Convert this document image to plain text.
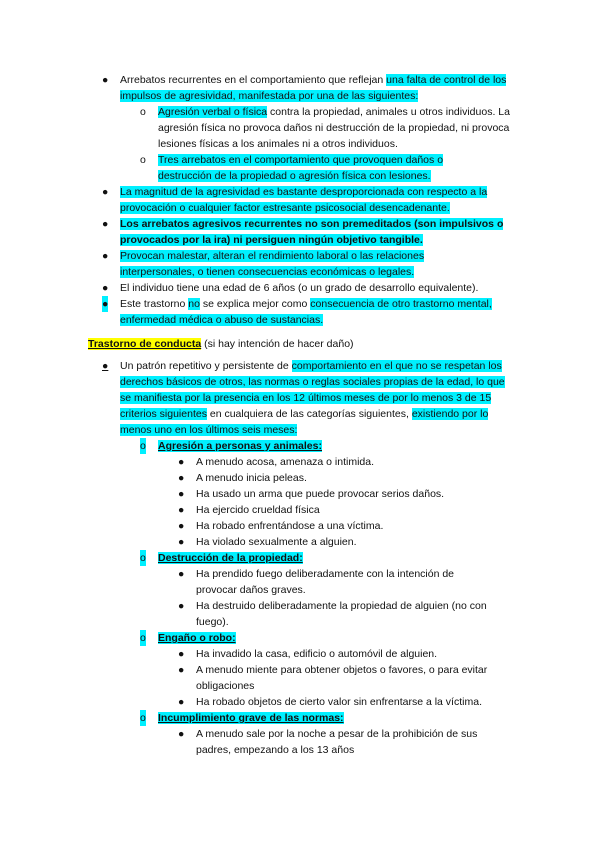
● Arrebatos recurrentes en el comportamiento que reflejan una falta de control de los impulsos de agresividad, manifestada por una de las siguientes:
o Agresión verbal o física contra la propiedad, animales u otros individuos. La agresión física no provoca daños ni destrucción de la propiedad, ni provoca lesiones físicas a los animales ni a otros individuos.
o Tres arrebatos en el comportamiento que provoquen daños o destrucción de la propiedad o agresión física con lesiones.
● La magnitud de la agresividad es bastante desproporcionada con respecto a la provocación o cualquier factor estresante psicosocial desencadenante.
● Los arrebatos agresivos recurrentes no son premeditados (son impulsivos o provocados por la ira) ni persiguen ningún objetivo tangible.
● Provocan malestar, alteran el rendimiento laboral o las relaciones interpersonales, o tienen consecuencias económicas o legales.
● El individuo tiene una edad de 6 años (o un grado de desarrollo equivalente).
● Este trastorno no se explica mejor como consecuencia de otro trastorno mental, enfermedad médica o abuso de sustancias.
Trastorno de conducta (si hay intención de hacer daño)
● Un patrón repetitivo y persistente de comportamiento en el que no se respetan los derechos básicos de otros, las normas o reglas sociales propias de la edad, lo que se manifiesta por la presencia en los 12 últimos meses de por lo menos 3 de 15 criterios siguientes en cualquiera de las categorías siguientes, existiendo por lo menos uno en los últimos seis meses:
o Agresión a personas y animales:
● A menudo acosa, amenaza o intimida.
● A menudo inicia peleas.
● Ha usado un arma que puede provocar serios daños.
● Ha ejercido crueldad física
● Ha robado enfrentándose a una víctima.
● Ha violado sexualmente a alguien.
o Destrucción de la propiedad:
● Ha prendido fuego deliberadamente con la intención de provocar daños graves.
● Ha destruido deliberadamente la propiedad de alguien (no con fuego).
o Engaño o robo:
● Ha invadido la casa, edificio o automóvil de alguien.
● A menudo miente para obtener objetos o favores, o para evitar obligaciones
● Ha robado objetos de cierto valor sin enfrentarse a la víctima.
o Incumplimiento grave de las normas:
● A menudo sale por la noche a pesar de la prohibición de sus padres, empezando a los 13 años
